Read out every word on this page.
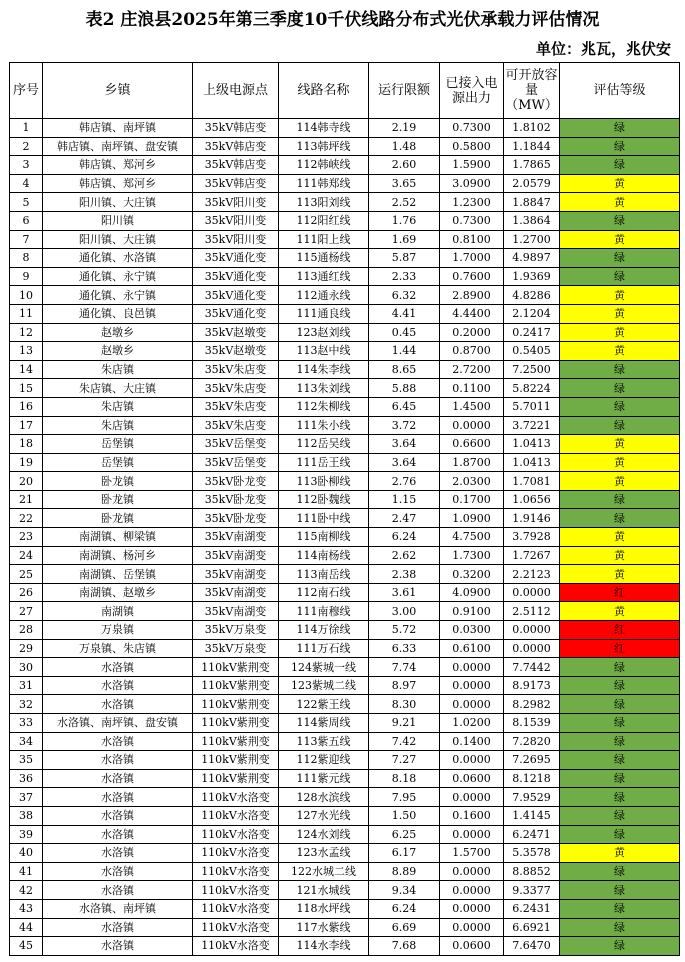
表2 庄浪县2025年第三季度10千伏线路分布式光伏承载力评估情况
单位：兆瓦，兆伏安
序号	乡镇	上级电源点	线路名称	运行限额	已接入电源出力	可开放容量（MW）	评估等级
1	韩店镇、南坪镇	35kV韩店变	114韩寺线	2.19	0.7300	1.8102	绿
2	韩店镇、南坪镇、盘安镇	35kV韩店变	113韩坪线	1.48	0.5800	1.1844	绿
3	韩店镇、郑河乡	35kV韩店变	112韩峡线	2.60	1.5900	1.7865	绿
4	韩店镇、郑河乡	35kV韩店变	111韩郑线	3.65	3.0900	2.0579	黄
5	阳川镇、大庄镇	35kV阳川变	113阳刘线	2.52	1.2300	1.8847	黄
6	阳川镇	35kV阳川变	112阳红线	1.76	0.7300	1.3864	绿
7	阳川镇、大庄镇	35kV阳川变	111阳上线	1.69	0.8100	1.2700	黄
8	通化镇、水洛镇	35kV通化变	115通杨线	5.87	1.7000	4.9897	绿
9	通化镇、永宁镇	35kV通化变	113通红线	2.33	0.7600	1.9369	绿
10	通化镇、永宁镇	35kV通化变	112通永线	6.32	2.8900	4.8286	黄
11	通化镇、良邑镇	35kV通化变	111通良线	4.41	4.4400	2.1204	黄
12	赵墩乡	35kV赵墩变	123赵刘线	0.45	0.2000	0.2417	黄
13	赵墩乡	35kV赵墩变	113赵中线	1.44	0.8700	0.5405	黄
14	朱店镇	35kV朱店变	114朱李线	8.65	2.7200	7.2500	绿
15	朱店镇、大庄镇	35kV朱店变	113朱刘线	5.88	0.1100	5.8224	绿
16	朱店镇	35kV朱店变	112朱柳线	6.45	1.4500	5.7011	绿
17	朱店镇	35kV朱店变	111朱小线	3.72	0.0000	3.7221	绿
18	岳堡镇	35kV岳堡变	112岳吴线	3.64	0.6600	1.0413	黄
19	岳堡镇	35kV岳堡变	111岳王线	3.64	1.8700	1.0413	黄
20	卧龙镇	35kV卧龙变	113卧柳线	2.76	2.0300	1.7081	黄
21	卧龙镇	35kV卧龙变	112卧魏线	1.15	0.1700	1.0656	绿
22	卧龙镇	35kV卧龙变	111卧中线	2.47	1.0900	1.9146	绿
23	南湖镇、柳梁镇	35kV南湖变	115南柳线	6.24	4.7500	3.7928	黄
24	南湖镇、杨河乡	35kV南湖变	114南杨线	2.62	1.7300	1.7267	黄
25	南湖镇、岳堡镇	35kV南湖变	113南岳线	2.38	0.3200	2.2123	黄
26	南湖镇、赵墩乡	35kV南湖变	112南石线	3.61	4.0900	0.0000	红
27	南湖镇	35kV南湖变	111南穆线	3.00	0.9100	2.5112	黄
28	万泉镇	35kV万泉变	114万徐线	5.72	0.0300	0.0000	红
29	万泉镇、朱店镇	35kV万泉变	111万石线	6.33	0.6100	0.0000	红
30	水洛镇	110kV紫荆变	124紫城一线	7.74	0.0000	7.7442	绿
31	水洛镇	110kV紫荆变	123紫城二线	8.97	0.0000	8.9173	绿
32	水洛镇	110kV紫荆变	122紫王线	8.30	0.0000	8.2982	绿
33	水洛镇、南坪镇、盘安镇	110kV紫荆变	114紫周线	9.21	1.0200	8.1539	绿
34	水洛镇	110kV紫荆变	113紫五线	7.42	0.1400	7.2820	绿
35	水洛镇	110kV紫荆变	112紫迎线	7.27	0.0000	7.2695	绿
36	水洛镇	110kV紫荆变	111紫元线	8.18	0.0600	8.1218	绿
37	水洛镇	110kV水洛变	128水滨线	7.95	0.0000	7.9529	绿
38	水洛镇	110kV水洛变	127水光线	1.50	0.1600	1.4145	绿
39	水洛镇	110kV水洛变	124水刘线	6.25	0.0000	6.2471	绿
40	水洛镇	110kV水洛变	123水孟线	6.17	1.5700	5.3578	黄
41	水洛镇	110kV水洛变	122水城二线	8.89	0.0000	8.8852	绿
42	水洛镇	110kV水洛变	121水城线	9.34	0.0000	9.3377	绿
43	水洛镇、南坪镇	110kV水洛变	118水坪线	6.24	0.0000	6.2431	绿
44	水洛镇	110kV水洛变	117水紫线	6.69	0.0000	6.6921	绿
45	水洛镇	110kV水洛变	114水李线	7.68	0.0600	7.6470	绿
